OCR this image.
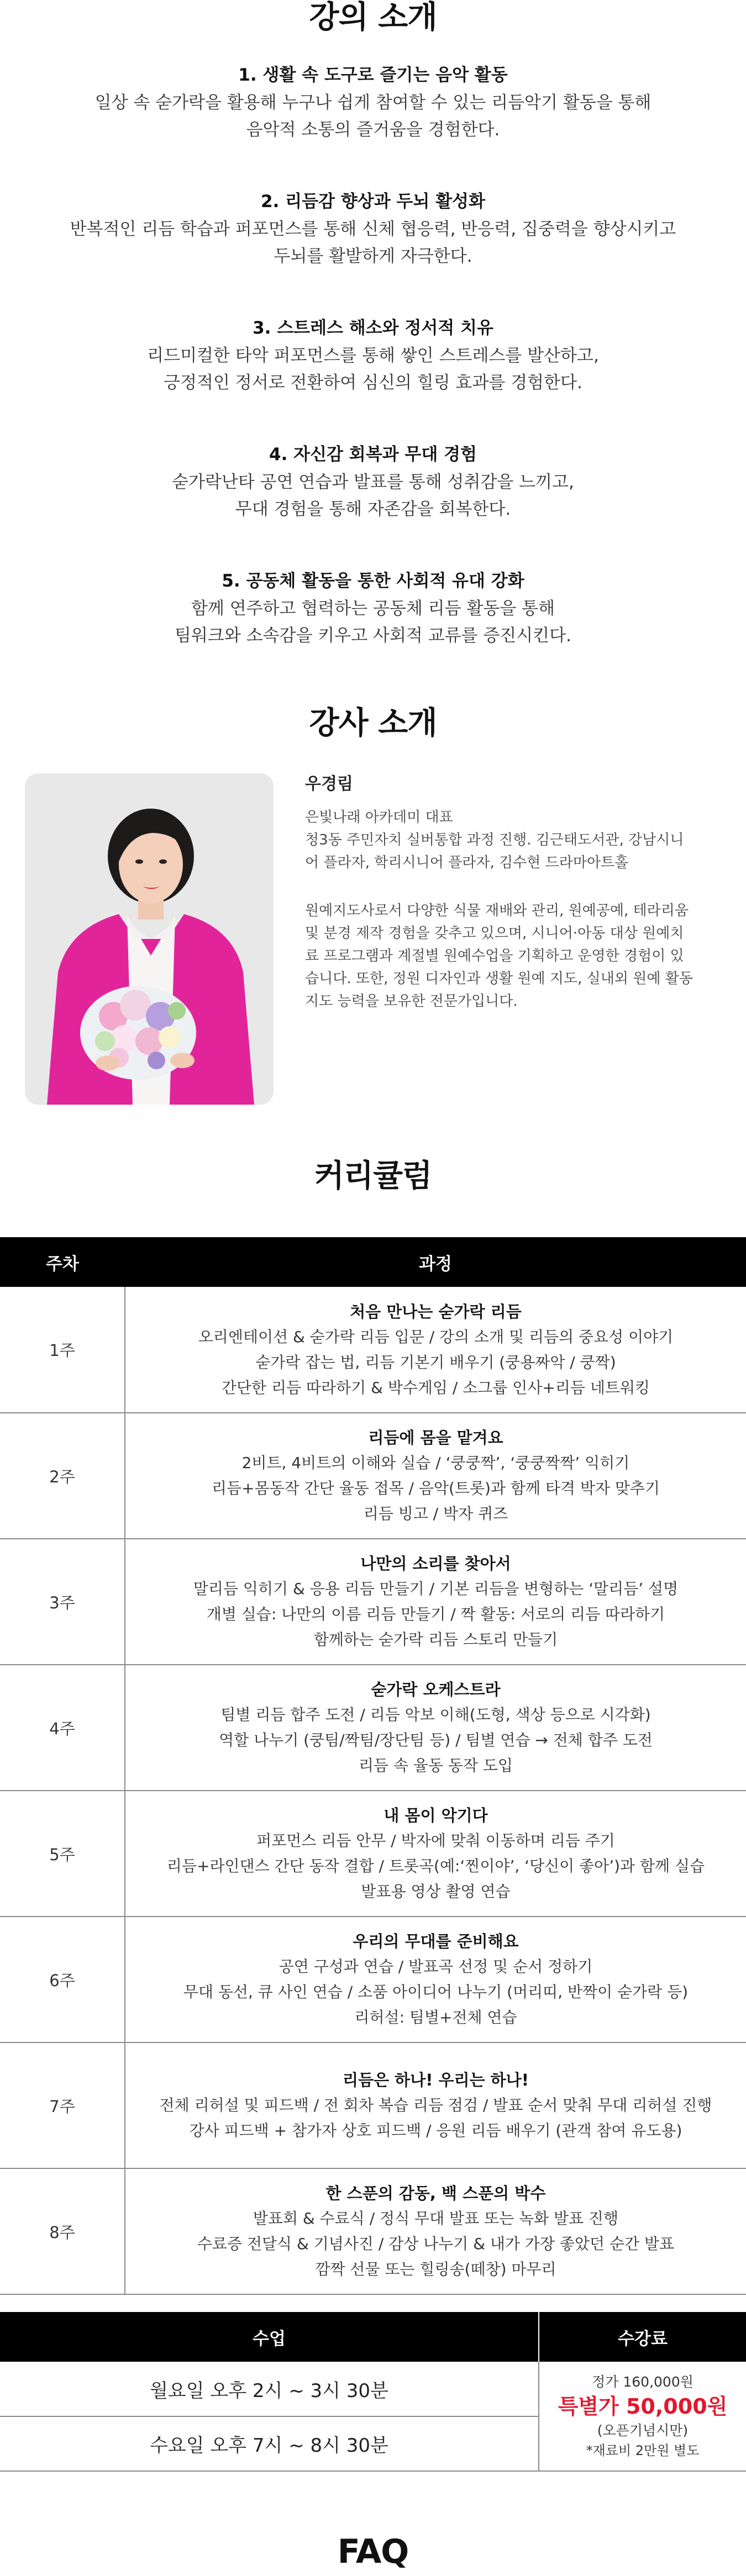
강의 소개
1. 생활 속 도구로 즐기는 음악 활동
일상 속 숟가락을 활용해 누구나 쉽게 참여할 수 있는 리듬악기 활동을 통해
음악적 소통의 즐거움을 경험한다.
2. 리듬감 향상과 두뇌 활성화
반복적인 리듬 학습과 퍼포먼스를 통해 신체 협응력, 반응력, 집중력을 향상시키고
두뇌를 활발하게 자극한다.
3. 스트레스 해소와 정서적 치유
리드미컬한 타악 퍼포먼스를 통해 쌓인 스트레스를 발산하고,
긍정적인 정서로 전환하여 심신의 힐링 효과를 경험한다.
4. 자신감 회복과 무대 경험
숟가락난타 공연 연습과 발표를 통해 성취감을 느끼고,
무대 경험을 통해 자존감을 회복한다.
5. 공동체 활동을 통한 사회적 유대 강화
함께 연주하고 협력하는 공동체 리듬 활동을 통해
팀워크와 소속감을 키우고 사회적 교류를 증진시킨다.
강사 소개
우경림
은빛나래 아카데미 대표
청3동 주민자치 실버통합 과정 진행. 김근태도서관, 강남시니
어 플라자, 학리시니어 플라자, 김수현 드라마아트홀
원예지도사로서 다양한 식물 재배와 관리, 원예공예, 테라리움
및 분경 제작 경험을 갖추고 있으며, 시니어·아동 대상 원예치
료 프로그램과 계절별 원예수업을 기획하고 운영한 경험이 있
습니다. 또한, 정원 디자인과 생활 원예 지도, 실내외 원예 활동
지도 능력을 보유한 전문가입니다.
커리큘럼
주차	과정
1주	처음 만나는 숟가락 리듬
오리엔테이션 & 숟가락 리듬 입문 / 강의 소개 및 리듬의 중요성 이야기
숟가락 잡는 법, 리듬 기본기 배우기 (쿵용짜악 / 쿵짝)
간단한 리듬 따라하기 & 박수게임 / 소그룹 인사+리듬 네트워킹

2주	리듬에 몸을 맡겨요
2비트, 4비트의 이해와 실습 / ‘쿵쿵짝’, ‘쿵쿵짝짝’ 익히기
리듬+몸동작 간단 율동 접목 / 음악(트롯)과 함께 타격 박자 맞추기
리듬 빙고 / 박자 퀴즈

3주	나만의 소리를 찾아서
말리듬 익히기 & 응용 리듬 만들기 / 기본 리듬을 변형하는 ‘말리듬’ 설명
개별 실습: 나만의 이름 리듬 만들기 / 짝 활동: 서로의 리듬 따라하기
함께하는 숟가락 리듬 스토리 만들기

4주	숟가락 오케스트라
팀별 리듬 합주 도전 / 리듬 악보 이해(도형, 색상 등으로 시각화)
역할 나누기 (쿵팀/짝팀/장단팀 등) / 팀별 연습 → 전체 합주 도전
리듬 속 율동 동작 도입

5주	내 몸이 악기다
퍼포먼스 리듬 안무 / 박자에 맞춰 이동하며 리듬 주기
리듬+라인댄스 간단 동작 결합 / 트롯곡(예:‘찐이야’, ‘당신이 좋아’)과 함께 실습
발표용 영상 촬영 연습

6주	우리의 무대를 준비해요
공연 구성과 연습 / 발표곡 선정 및 순서 정하기
무대 동선, 큐 사인 연습 / 소품 아이디어 나누기 (머리띠, 반짝이 숟가락 등)
리허설: 팀별+전체 연습

7주	리듬은 하나! 우리는 하나!
전체 리허설 및 피드백 / 전 회차 복습 리듬 점검 / 발표 순서 맞춰 무대 리허설 진행
강사 피드백 + 참가자 상호 피드백 / 응원 리듬 배우기 (관객 참여 유도용)

8주	한 스푼의 감동, 백 스푼의 박수
발표회 & 수료식 / 정식 무대 발표 또는 녹화 발표 진행
수료증 전달식 & 기념사진 / 감상 나누기 & 내가 가장 좋았던 순간 발표
깜짝 선물 또는 힐링송(떼창) 마무리
수업	수강료
월요일 오후 2시 ~ 3시 30분	정가 160,000원
특별가 50,000원
(오픈기념시만)
*재료비 2만원 별도

수요일 오후 7시 ~ 8시 30분	
FAQ
